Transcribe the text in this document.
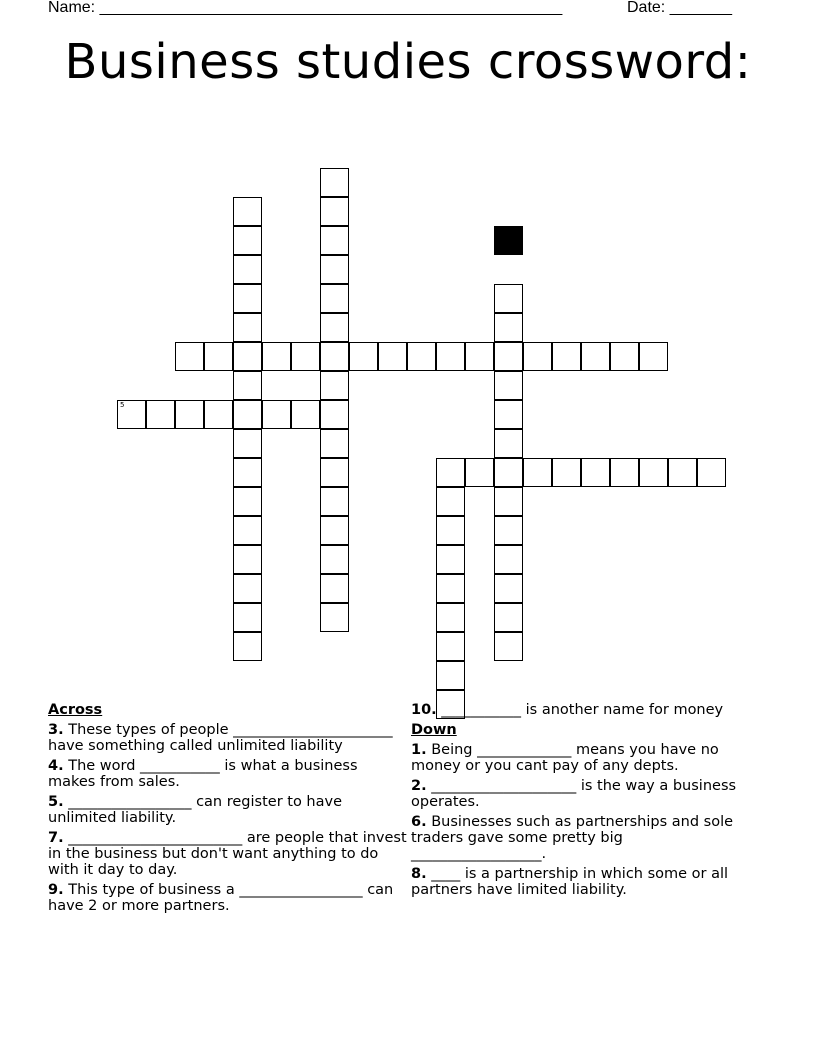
Name: ____________________________________________________	Date: _______
Business studies crossword:
5
Across
3. These types of people ______________________ have something called unlimited liability
4. The word ___________ is what a business makes from sales.
5. _________________ can register to have unlimited liability.
7. ________________________ are people that invest in the business but don't want anything to do with it day to day.
9. This type of business a _________________ can have 2 or more partners.
10. ___________ is another name for money
Down
1. Being _____________ means you have no money or you cant pay of any depts.
2. ____________________ is the way a business operates.
6. Businesses such as partnerships and sole traders gave some pretty big __________________.
8. ____ is a partnership in which some or all partners have limited liability.
